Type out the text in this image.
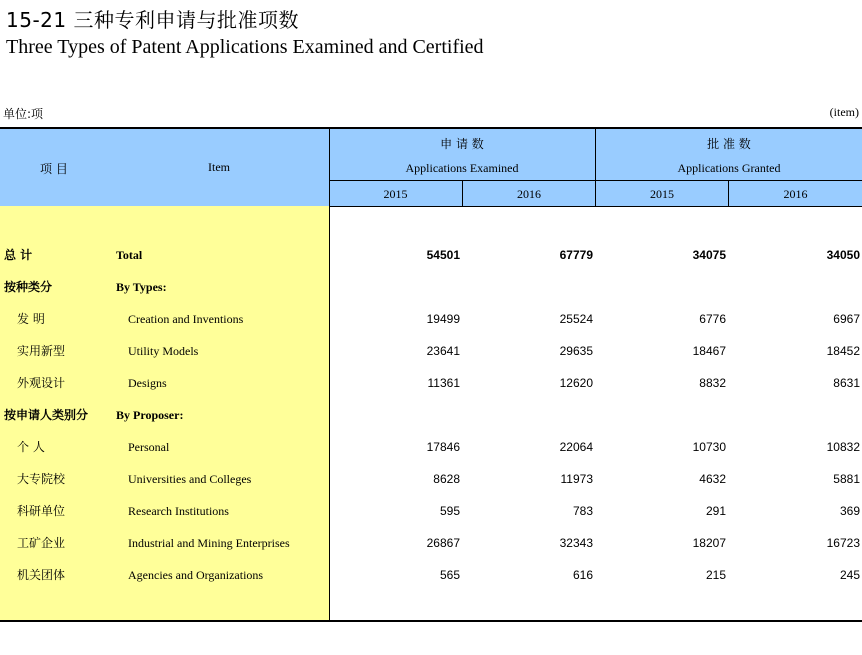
15-21 三种专利申请与批准项数
Three Types of Patent Applications Examined and Certified
单位:项	(item)
项 目	Item
申 请 数
Applications Examined
批 准 数
Applications Granted
2015	2016	2015	2016
总 计	Total	54501	67779	34075	34050
按种类分	By Types:
发 明	Creation and Inventions	19499	25524	6776	6967
实用新型	Utility Models	23641	29635	18467	18452
外观设计	Designs	11361	12620	8832	8631
按申请人类别分 By Proposer:
个 人	Personal	17846	22064	10730	10832
大专院校	Universities and Colleges	8628	11973	4632	5881
科研单位	Research Institutions	595	783	291	369
工矿企业	Industrial and Mining Enterprises	26867	32343	18207	16723
机关团体	Agencies and Organizations	565	616	215	245
